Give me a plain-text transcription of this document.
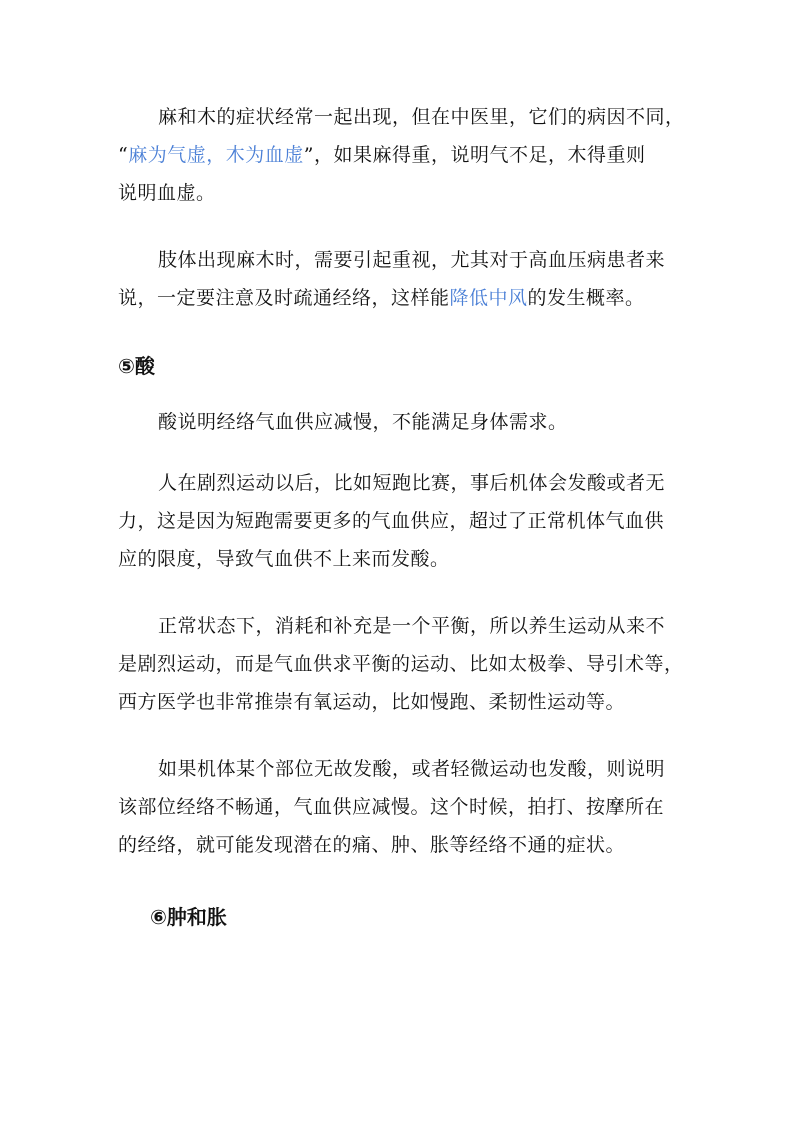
麻和木的症状经常一起出现，但在中医里，它们的病因不同，
“麻为气虚，木为血虚”，如果麻得重，说明气不足，木得重则
说明血虚。

肢体出现麻木时，需要引起重视，尤其对于高血压病患者来
说，一定要注意及时疏通经络，这样能降低中风的发生概率。

⑤酸

酸说明经络气血供应减慢，不能满足身体需求。

人在剧烈运动以后，比如短跑比赛，事后机体会发酸或者无
力，这是因为短跑需要更多的气血供应，超过了正常机体气血供
应的限度，导致气血供不上来而发酸。

正常状态下，消耗和补充是一个平衡，所以养生运动从来不
是剧烈运动，而是气血供求平衡的运动、比如太极拳、导引术等，
西方医学也非常推崇有氧运动，比如慢跑、柔韧性运动等。

如果机体某个部位无故发酸，或者轻微运动也发酸，则说明
该部位经络不畅通，气血供应减慢。这个时候，拍打、按摩所在
的经络，就可能发现潜在的痛、肿、胀等经络不通的症状。

⑥肿和胀
